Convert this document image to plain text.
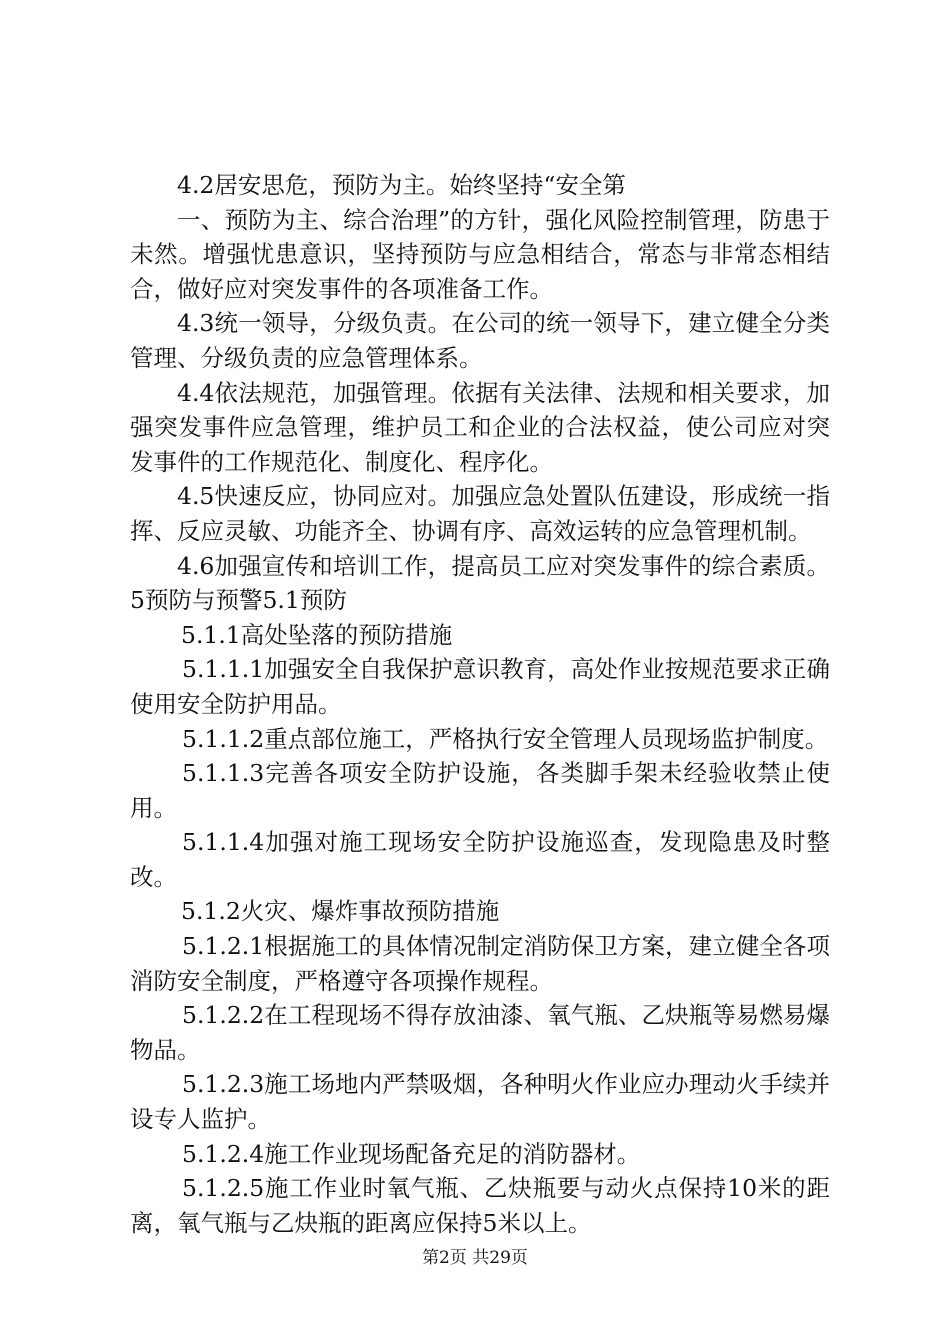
4.2居安思危，预防为主。始终坚持“安全第

一、预防为主、综合治理”的方针，强化风险控制管理，防患于未然。增强忧患意识，坚持预防与应急相结合，常态与非常态相结合，做好应对突发事件的各项准备工作。

4.3统一领导，分级负责。在公司的统一领导下，建立健全分类管理、分级负责的应急管理体系。

4.4依法规范，加强管理。依据有关法律、法规和相关要求，加强突发事件应急管理，维护员工和企业的合法权益，使公司应对突发事件的工作规范化、制度化、程序化。

4.5快速反应，协同应对。加强应急处置队伍建设，形成统一指挥、反应灵敏、功能齐全、协调有序、高效运转的应急管理机制。

4.6加强宣传和培训工作，提高员工应对突发事件的综合素质。5预防与预警5.1预防

5.1.1高处坠落的预防措施

5.1.1.1加强安全自我保护意识教育，高处作业按规范要求正确使用安全防护用品。

5.1.1.2重点部位施工，严格执行安全管理人员现场监护制度。

5.1.1.3完善各项安全防护设施，各类脚手架未经验收禁止使用。

5.1.1.4加强对施工现场安全防护设施巡查，发现隐患及时整改。

5.1.2火灾、爆炸事故预防措施

5.1.2.1根据施工的具体情况制定消防保卫方案，建立健全各项消防安全制度，严格遵守各项操作规程。

5.1.2.2在工程现场不得存放油漆、氧气瓶、乙炔瓶等易燃易爆物品。

5.1.2.3施工场地内严禁吸烟，各种明火作业应办理动火手续并设专人监护。

5.1.2.4施工作业现场配备充足的消防器材。

5.1.2.5施工作业时氧气瓶、乙炔瓶要与动火点保持10米的距离，氧气瓶与乙炔瓶的距离应保持5米以上。

第2页 共29页
